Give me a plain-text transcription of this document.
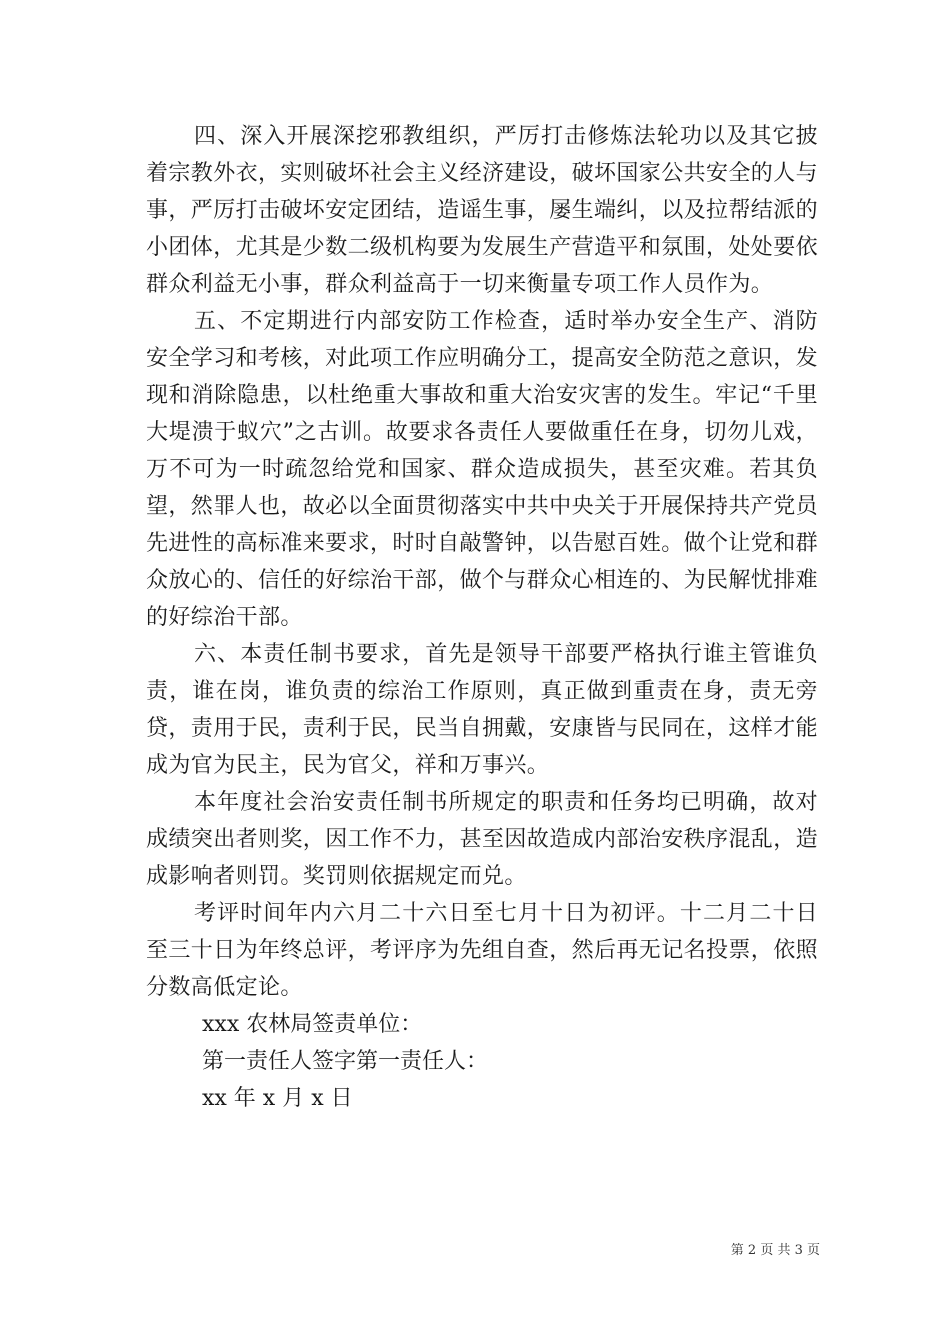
四、深入开展深挖邪教组织，严厉打击修炼法轮功以及其它披着宗教外衣，实则破坏社会主义经济建设，破坏国家公共安全的人与事，严厉打击破坏安定团结，造谣生事，屡生端纠，以及拉帮结派的小团体，尤其是少数二级机构要为发展生产营造平和氛围，处处要依群众利益无小事，群众利益高于一切来衡量专项工作人员作为。

五、不定期进行内部安防工作检查，适时举办安全生产、消防安全学习和考核，对此项工作应明确分工，提高安全防范之意识，发现和消除隐患，以杜绝重大事故和重大治安灾害的发生。牢记“千里大堤溃于蚁穴”之古训。故要求各责任人要做重任在身，切勿儿戏，万不可为一时疏忽给党和国家、群众造成损失，甚至灾难。若其负望，然罪人也，故必以全面贯彻落实中共中央关于开展保持共产党员先进性的高标准来要求，时时自敲警钟，以告慰百姓。做个让党和群众放心的、信任的好综治干部，做个与群众心相连的、为民解忧排难的好综治干部。

六、本责任制书要求，首先是领导干部要严格执行谁主管谁负责，谁在岗，谁负责的综治工作原则，真正做到重责在身，责无旁贷，责用于民，责利于民，民当自拥戴，安康皆与民同在，这样才能成为官为民主，民为官父，祥和万事兴。

本年度社会治安责任制书所规定的职责和任务均已明确，故对成绩突出者则奖，因工作不力，甚至因故造成内部治安秩序混乱，造成影响者则罚。奖罚则依据规定而兑。

考评时间年内六月二十六日至七月十日为初评。十二月二十日至三十日为年终总评，考评序为先组自查，然后再无记名投票，依照分数高低定论。

xxx 农林局签责单位：

第一责任人签字第一责任人：

xx 年 x 月 x 日

第 2 页 共 3 页
